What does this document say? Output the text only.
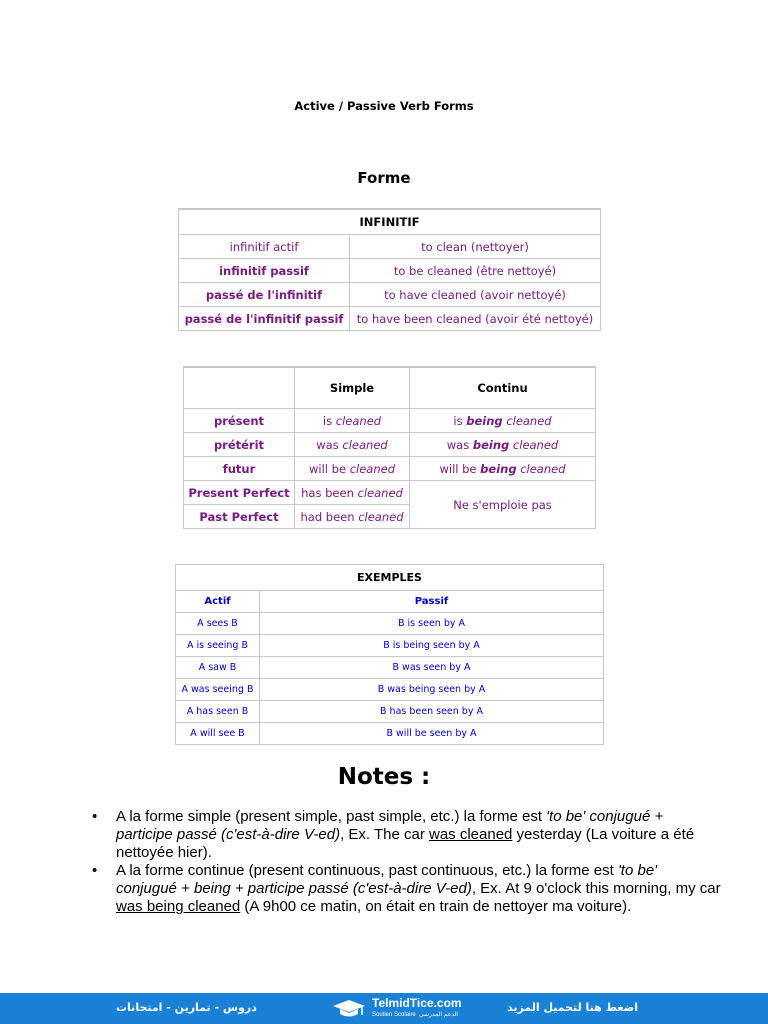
Active / Passive Verb Forms
Forme
INFINITIF	
infinitif actif	to clean (nettoyer)
infinitif passif	to be cleaned (être nettoyé)
passé de l'infinitif	to have cleaned (avoir nettoyé)
passé de l'infinitif passif	to have been cleaned (avoir été nettoyé)
	Simple	Continu
présent	is cleaned	is being cleaned
prétérit	was cleaned	was being cleaned
futur	will be cleaned	will be being cleaned
Present Perfect	has been cleaned	Ne s'emploie pas
Past Perfect	had been cleaned	
EXEMPLES	
Actif	Passif
A sees B	B is seen by A
A is seeing B	B is being seen by A
A saw B	B was seen by A
A was seeing B	B was being seen by A
A has seen B	B has been seen by A
A will see B	B will be seen by A
Notes :
• A la forme simple (present simple, past simple, etc.) la forme est 'to be' conjugué + participe passé (c'est-à-dire V-ed), Ex. The car was cleaned yesterday (La voiture a été nettoyée hier).
• A la forme continue (present continuous, past continuous, etc.) la forme est 'to be' conjugué + being + participe passé (c'est-à-dire V-ed), Ex. At 9 o'clock this morning, my car was being cleaned (A 9h00 ce matin, on était en train de nettoyer ma voiture).
دروس - تمارين - امتحانات	TelmidTice.com
Soutien Scolaire الدعم المدرسي
اضغط هنا لتحميل المزيد
